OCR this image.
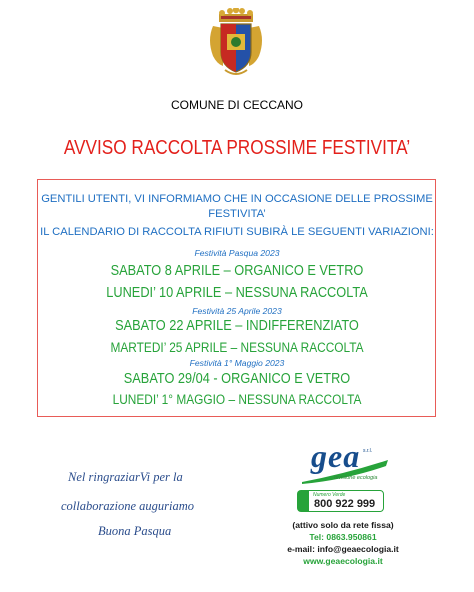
COMUNE DI CECCANO
AVVISO RACCOLTA PROSSIME FESTIVITA’
GENTILI UTENTI, VI INFORMIAMO CHE IN OCCASIONE DELLE PROSSIME
FESTIVITA’
IL CALENDARIO DI RACCOLTA RIFIUTI SUBIRÀ LE SEGUENTI VARIAZIONI:
Festività Pasqua 2023
SABATO 8 APRILE – ORGANICO E VETRO
LUNEDI’ 10 APRILE – NESSUNA RACCOLTA
Festività 25 Aprile 2023
SABATO 22 APRILE – INDIFFERENZIATO
MARTEDI’ 25 APRILE – NESSUNA RACCOLTA
Festività 1° Maggio 2023
SABATO 29/04 - ORGANICO E VETRO
LUNEDI’ 1° MAGGIO – NESSUNA RACCOLTA
Nel ringraziarVi per la
collaborazione auguriamo
Buona Pasqua
gea s.r.l.
divisione ecologia
Numero Verde
800 922 999
(attivo solo da rete fissa)
Tel: 0863.950861
e-mail: info@geaecologia.it
www.geaecologia.it
